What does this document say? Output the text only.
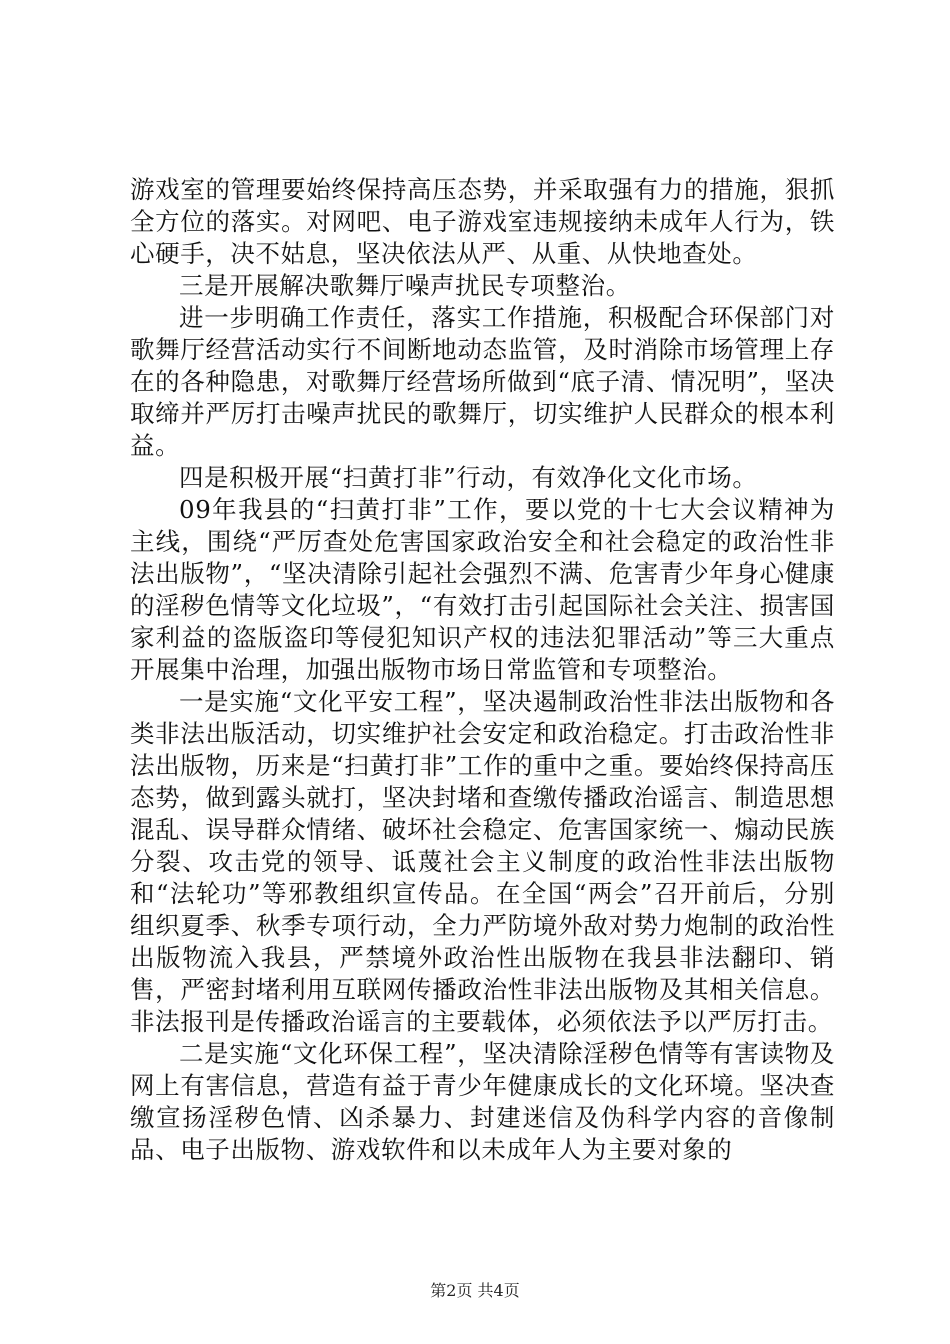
游戏室的管理要始终保持高压态势，并采取强有力的措施，狠抓全方位的落实。对网吧、电子游戏室违规接纳未成年人行为，铁心硬手，决不姑息，坚决依法从严、从重、从快地查处。

三是开展解决歌舞厅噪声扰民专项整治。

进一步明确工作责任，落实工作措施，积极配合环保部门对歌舞厅经营活动实行不间断地动态监管，及时消除市场管理上存在的各种隐患，对歌舞厅经营场所做到“底子清、情况明”，坚决取缔并严厉打击噪声扰民的歌舞厅，切实维护人民群众的根本利益。

四是积极开展“扫黄打非”行动，有效净化文化市场。

09年我县的“扫黄打非”工作，要以党的十七大会议精神为主线，围绕“严厉查处危害国家政治安全和社会稳定的政治性非法出版物”，“坚决清除引起社会强烈不满、危害青少年身心健康的淫秽色情等文化垃圾”，“有效打击引起国际社会关注、损害国家利益的盗版盗印等侵犯知识产权的违法犯罪活动”等三大重点开展集中治理，加强出版物市场日常监管和专项整治。

一是实施“文化平安工程”，坚决遏制政治性非法出版物和各类非法出版活动，切实维护社会安定和政治稳定。打击政治性非法出版物，历来是“扫黄打非”工作的重中之重。要始终保持高压态势，做到露头就打，坚决封堵和查缴传播政治谣言、制造思想混乱、误导群众情绪、破坏社会稳定、危害国家统一、煽动民族分裂、攻击党的领导、诋蔑社会主义制度的政治性非法出版物和“法轮功”等邪教组织宣传品。在全国“两会”召开前后，分别组织夏季、秋季专项行动，全力严防境外敌对势力炮制的政治性出版物流入我县，严禁境外政治性出版物在我县非法翻印、销售，严密封堵利用互联网传播政治性非法出版物及其相关信息。非法报刊是传播政治谣言的主要载体，必须依法予以严厉打击。

二是实施“文化环保工程”，坚决清除淫秽色情等有害读物及网上有害信息，营造有益于青少年健康成长的文化环境。坚决查缴宣扬淫秽色情、凶杀暴力、封建迷信及伪科学内容的音像制品、电子出版物、游戏软件和以未成年人为主要对象的

第2页 共4页
